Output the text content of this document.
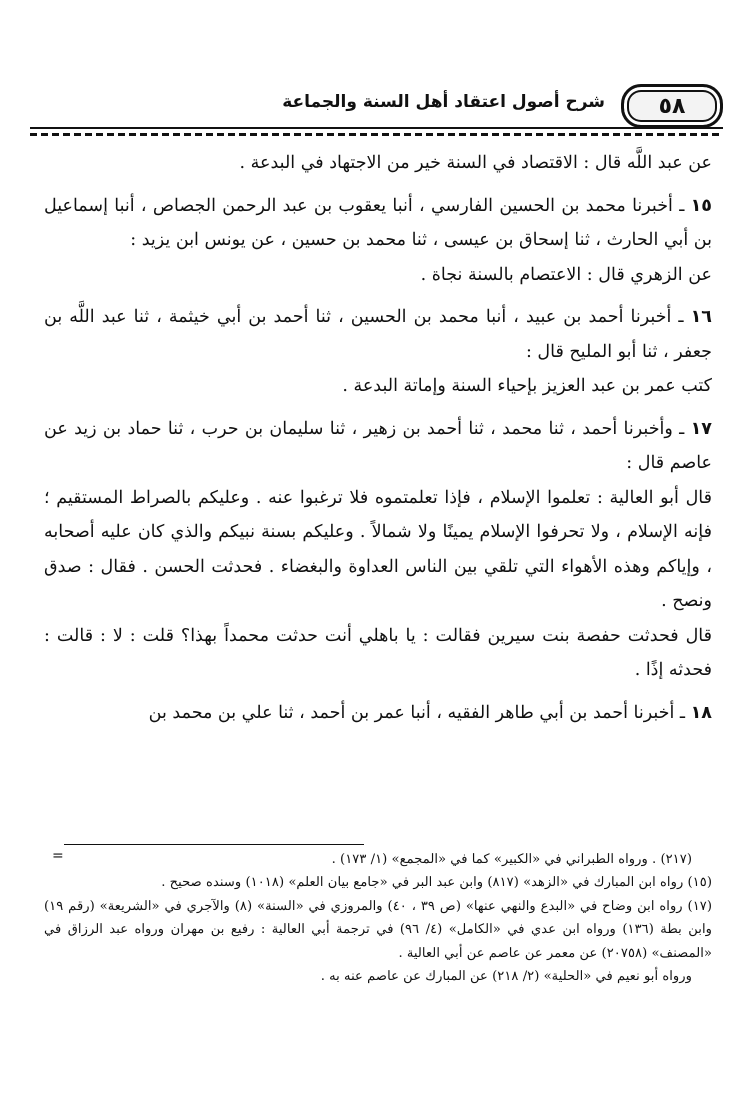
٥٨
شرح أصول اعتقاد أهل السنة والجماعة

عن عبد اللَّه قال : الاقتصاد في السنة خير من الاجتهاد في البدعة .

١٥ ـ أخبرنا محمد بن الحسين الفارسي ، أنبا يعقوب بن عبد الرحمن الجصاص ، أنبا إسماعيل بن أبي الحارث ، ثنا إسحاق بن عيسى ، ثنا محمد بن حسين ، عن يونس ابن يزيد :

عن الزهري قال : الاعتصام بالسنة نجاة .

١٦ ـ أخبرنا أحمد بن عبيد ، أنبا محمد بن الحسين ، ثنا أحمد بن أبي خيثمة ، ثنا عبد اللَّه بن جعفر ، ثنا أبو المليح قال :

كتب عمر بن عبد العزيز بإحياء السنة وإماتة البدعة .

١٧ ـ وأخبرنا أحمد ، ثنا محمد ، ثنا أحمد بن زهير ، ثنا سليمان بن حرب ، ثنا حماد بن زيد عن عاصم قال :

قال أبو العالية : تعلموا الإسلام ، فإذا تعلمتموه فلا ترغبوا عنه . وعليكم بالصراط المستقيم ؛ فإنه الإسلام ، ولا تحرفوا الإسلام يمينًا ولا شمالاً . وعليكم بسنة نبيكم والذي كان عليه أصحابه ، وإياكم وهذه الأهواء التي تلقي بين الناس العداوة والبغضاء . فحدثت الحسن . فقال : صدق ونصح .

قال فحدثت حفصة بنت سيرين فقالت : يا باهلي أنت حدثت محمداً بهذا؟ قلت : لا : قالت : فحدثه إذًا .

١٨ ـ أخبرنا أحمد بن أبي طاهر الفقيه ، أنبا عمر بن أحمد ، ثنا علي بن محمد بن

=	(٢١٧) . ورواه الطبراني في «الكبير» كما في «المجمع» (١/ ١٧٣) .

(١٥) رواه ابن المبارك في «الزهد» (٨١٧) وابن عبد البر في «جامع بيان العلم» (١٠١٨) وسنده صحيح .

(١٧) رواه ابن وضاح في «البدع والنهي عنها» (ص ٣٩ ، ٤٠) والمروزي في «السنة» (٨) والآجري في «الشريعة» (رقم ١٩) وابن بطة (١٣٦) ورواه ابن عدي في «الكامل» (٤/ ٩٦) في ترجمة أبي العالية : رفيع بن مهران ورواه عبد الرزاق في «المصنف» (٢٠٧٥٨) عن معمر عن عاصم عن أبي العالية .

ورواه أبو نعيم في «الحلية» (٢/ ٢١٨) عن المبارك عن عاصم عنه به .
